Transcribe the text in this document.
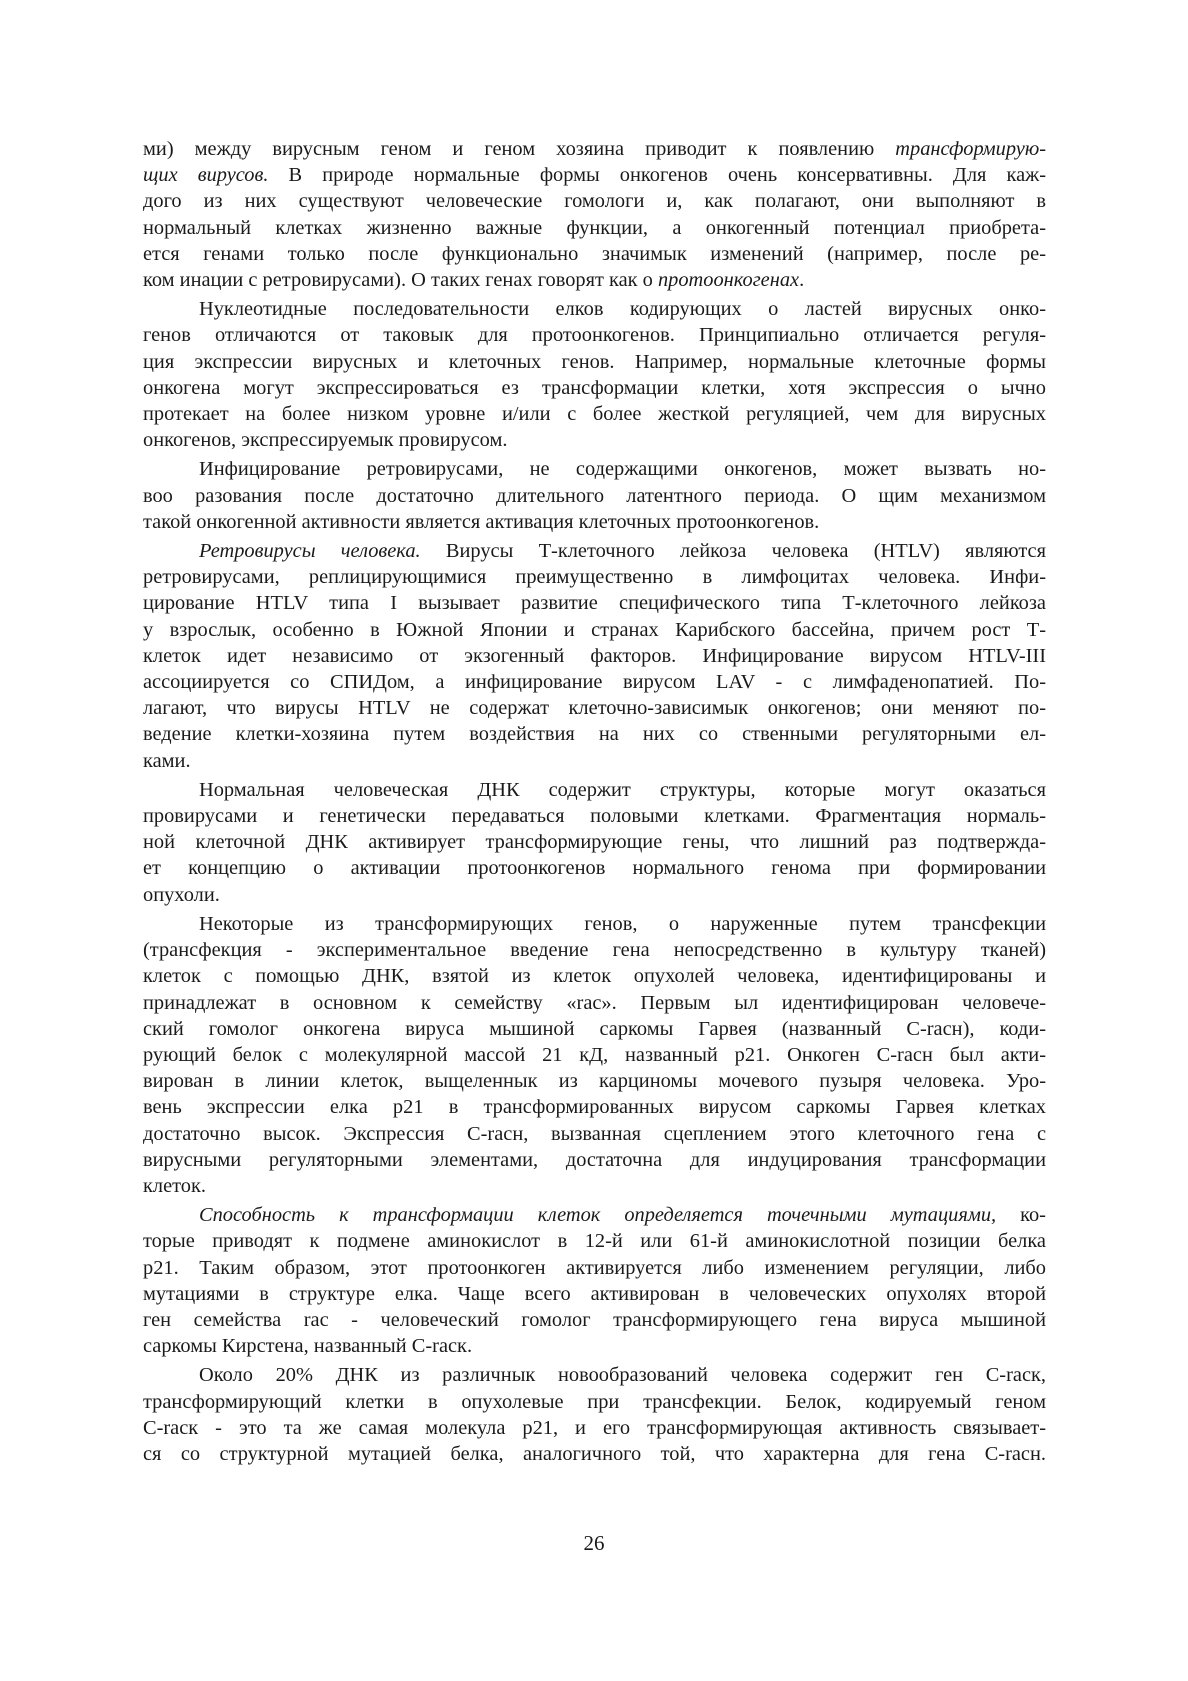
ми) между вирусным геном и геном хозяина приводит к появлению трансформирую-
щих вирусов. В природе нормальные формы онкогенов очень консервативны. Для каж-
дого из них существуют человеческие гомологи и, как полагают, они выполняют в
нормальный клетках жизненно важные функции, а онкогенный потенциал приобрета-
ется генами только после функционально значимык изменений (например, после ре-
ком инации с ретровирусами). О таких генах говорят как о протоонкогенах.
Нуклеотидные последовательности елков кодирующих о ластей вирусных онко-
генов отличаются от таковык для протоонкогенов. Принципиально отличается регуля-
ция экспрессии вирусных и клеточных генов. Например, нормальные клеточные формы
онкогена могут экспрессироваться ез трансформации клетки, хотя экспрессия о ычно
протекает на более низком уровне и/или с более жесткой регуляцией, чем для вирусных
онкогенов, экспрессируемык провирусом.
Инфицирование ретровирусами, не содержащими онкогенов, может вызвать но-
воо разования после достаточно длительного латентного периода. О щим механизмом
такой онкогенной активности является активация клеточных протоонкогенов.
Ретровирусы человека. Вирусы Т-клеточного лейкоза человека (HTLV) являются
ретровирусами, реплицирующимися преимущественно в лимфоцитах человека. Инфи-
цирование HTLV типа I вызывает развитие специфического типа Т-клеточного лейкоза
у взрослык, особенно в Южной Японии и странах Карибского бассейна, причем рост Т-
клеток идет независимо от экзогенный факторов. Инфицирование вирусом HTLV-III
ассоциируется со СПИДом, а инфицирование вирусом LAV - с лимфаденопатией. По-
лагают, что вирусы HTLV не содержат клеточно-зависимык онкогенов; они меняют по-
ведение клетки-хозяина путем воздействия на них со ственными регуляторными ел-
ками.
Нормальная человеческая ДНК содержит структуры, которые могут оказаться
провирусами и генетически передаваться половыми клетками. Фрагментация нормаль-
ной клеточной ДНК активирует трансформирующие гены, что лишний раз подтвержда-
ет концепцию о активации протоонкогенов нормального генома при формировании
опухоли.
Некоторые из трансформирующих генов, о наруженные путем трансфекции
(трансфекция - экспериментальное введение гена непосредственно в культуру тканей)
клеток с помощью ДНК, взятой из клеток опухолей человека, идентифицированы и
принадлежат в основном к семейству «rac». Первым ыл идентифицирован человече-
ский гомолог онкогена вируса мышиной саркомы Гарвея (названный C-racн), коди-
рующий белок с молекулярной массой 21 кД, названный p21. Онкоген C-racн был акти-
вирован в линии клеток, выщеленнык из карциномы мочевого пузыря человека. Уро-
вень экспрессии елка p21 в трансформированных вирусом саркомы Гарвея клетках
достаточно высок. Экспрессия C-racн, вызванная сцеплением этого клеточного гена с
вирусными регуляторными элементами, достаточна для индуцирования трансформации
клеток.
Способность к трансформации клеток определяется точечными мутациями, ко-
торые приводят к подмене аминокислот в 12-й или 61-й аминокислотной позиции белка
p21. Таким образом, этот протоонкоген активируется либо изменением регуляции, либо
мутациями в структуре елка. Чаще всего активирован в человеческих опухолях второй
ген семейства rac - человеческий гомолог трансформирующего гена вируса мышиной
саркомы Кирстена, названный C-racк.
Около 20% ДНК из различнык новообразований человека содержит ген C-racк,
трансформирующий клетки в опухолевые при трансфекции. Белок, кодируемый геном
C-racк - это та же самая молекула p21, и его трансформирующая активность связывает-
ся со структурной мутацией белка, аналогичного той, что характерна для гена C-racн.
26
